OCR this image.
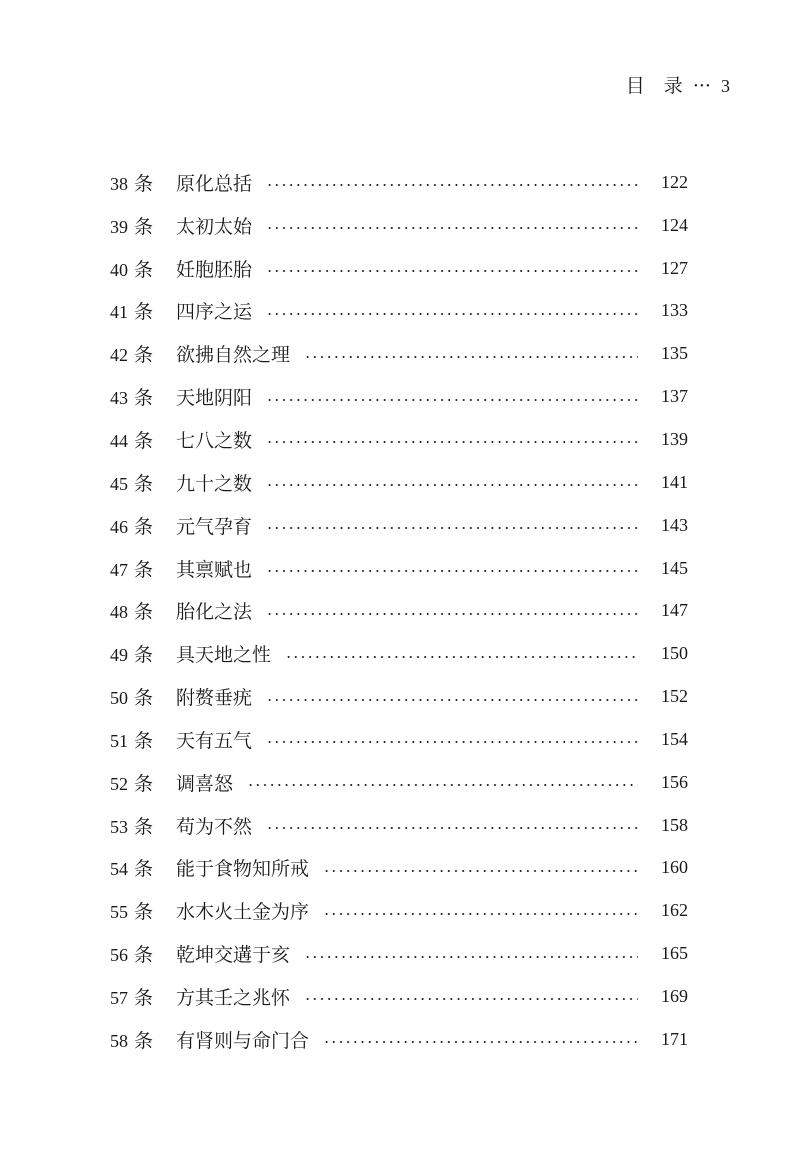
目　录 ··· 3
38 条	原化总括	122
39 条	太初太始	124
40 条	妊胞胚胎	127
41 条	四序之运	133
42 条	欲拂自然之理	135
43 条	天地阴阳	137
44 条	七八之数	139
45 条	九十之数	141
46 条	元气孕育	143
47 条	其禀赋也	145
48 条	胎化之法	147
49 条	具天地之性	150
50 条	附赘垂疣	152
51 条	天有五气	154
52 条	调喜怒	156
53 条	苟为不然	158
54 条	能于食物知所戒	160
55 条	水木火土金为序	162
56 条	乾坤交遘于亥	165
57 条	方其壬之兆怀	169
58 条	有肾则与命门合	171
